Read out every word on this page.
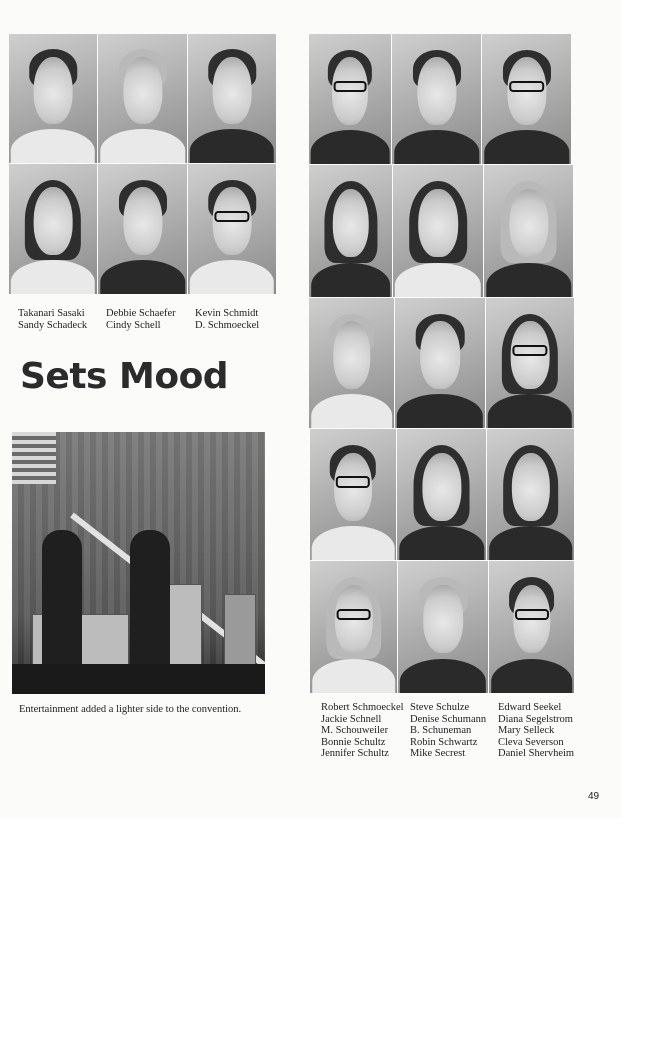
Takanari Sasaki
Sandy Schadeck
Debbie Schaefer
Cindy Schell
Kevin Schmidt
D. Schmoeckel
Sets Mood

Entertainment added a lighter side to the convention.	Robert Schmoeckel
Jackie Schnell
M. Schouweiler
Bonnie Schultz
Jennifer Schultz
Steve Schulze
Denise Schumann
B. Schuneman
Robin Schwartz
Mike Secrest
Edward Seekel
Diana Segelstrom
Mary Selleck
Cleva Severson
Daniel Shervheim
49
